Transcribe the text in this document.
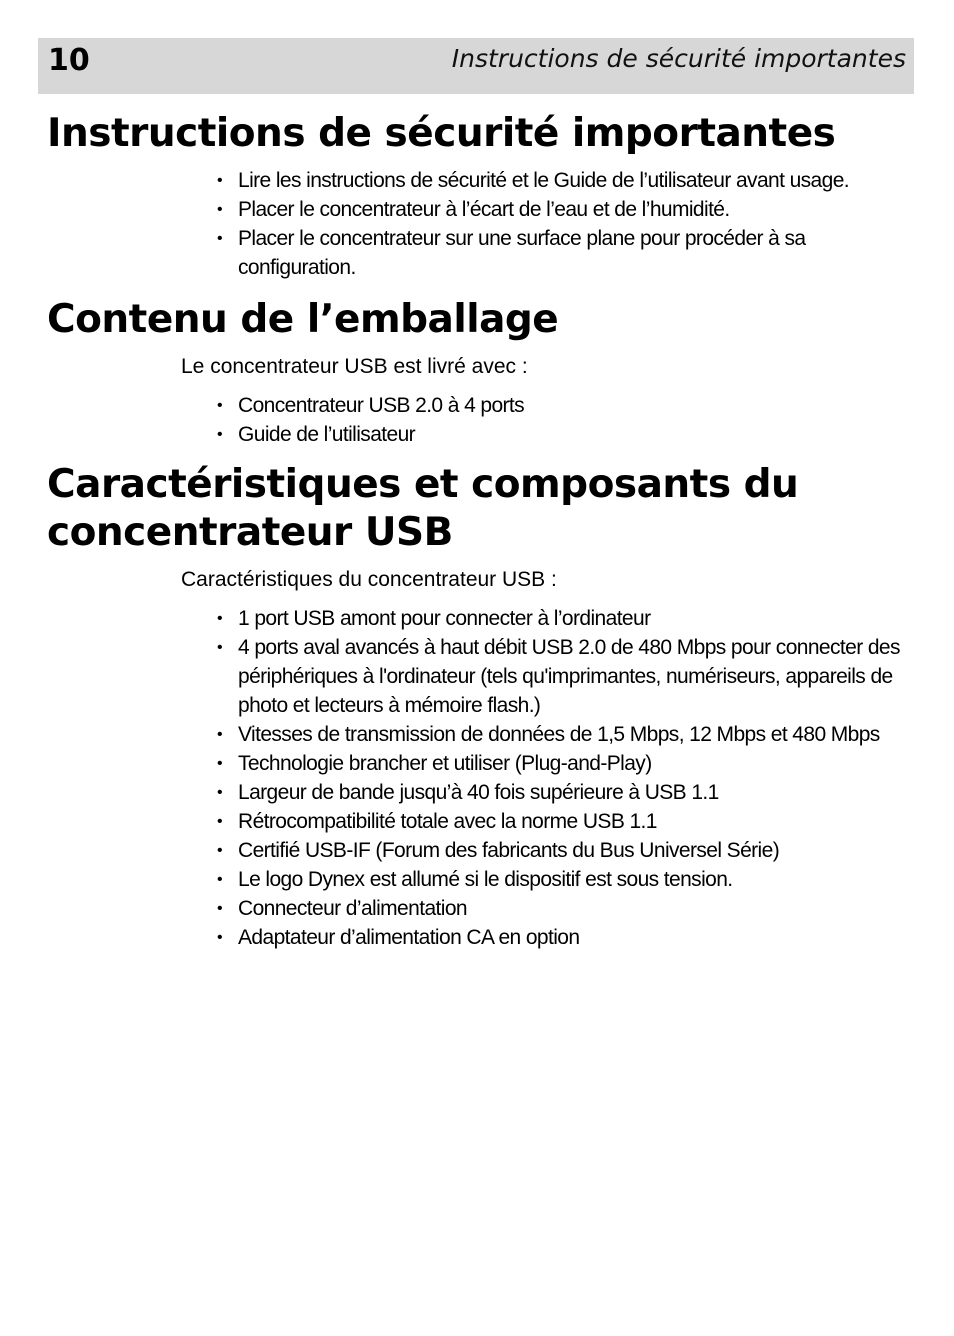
10	Instructions de sécurité importantes
Instructions de sécurité importantes
• Lire les instructions de sécurité et le Guide de l’utilisateur avant usage.
• Placer le concentrateur à l’écart de l’eau et de l’humidité.
• Placer le concentrateur sur une surface plane pour procéder à sa configuration.
Contenu de l’emballage
Le concentrateur USB est livré avec :
• Concentrateur USB 2.0 à 4 ports
• Guide de l’utilisateur
Caractéristiques et composants du concentrateur USB
Caractéristiques du concentrateur USB :
• 1 port USB amont pour connecter à l’ordinateur
• 4 ports aval avancés à haut débit USB 2.0 de 480 Mbps pour connecter des périphériques à l'ordinateur (tels qu'imprimantes, numériseurs, appareils de photo et lecteurs à mémoire flash.)
• Vitesses de transmission de données de 1,5 Mbps, 12 Mbps et 480 Mbps
• Technologie brancher et utiliser (Plug-and-Play)
• Largeur de bande jusqu’à 40 fois supérieure à USB 1.1
• Rétrocompatibilité totale avec la norme USB 1.1
• Certifié USB-IF (Forum des fabricants du Bus Universel Série)
• Le logo Dynex est allumé si le dispositif est sous tension.
• Connecteur d’alimentation
• Adaptateur d’alimentation CA en option
